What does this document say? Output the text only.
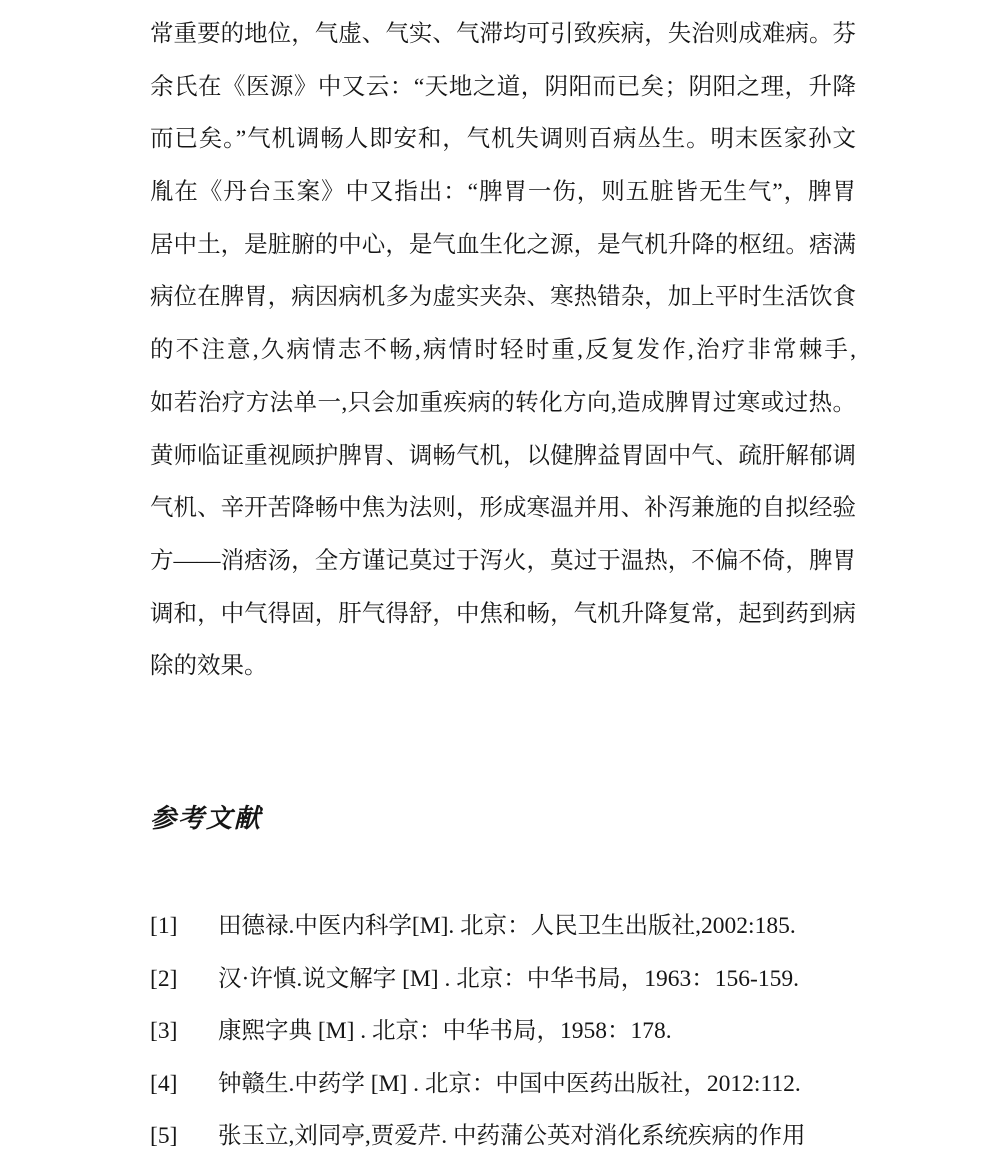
常重要的地位，气虚、气实、气滞均可引致疾病，失治则成难病。芬
余氏在《医源》中又云：“天地之道，阴阳而已矣；阴阳之理，升降
而已矣。”气机调畅人即安和，气机失调则百病丛生。明末医家孙文
胤在《丹台玉案》中又指出：“脾胃一伤，则五脏皆无生气”，脾胃
居中土，是脏腑的中心，是气血生化之源，是气机升降的枢纽。痞满
病位在脾胃，病因病机多为虚实夹杂、寒热错杂，加上平时生活饮食
的不注意,久病情志不畅,病情时轻时重,反复发作,治疗非常棘手,
如若治疗方法单一,只会加重疾病的转化方向,造成脾胃过寒或过热。
黄师临证重视顾护脾胃、调畅气机，以健脾益胃固中气、疏肝解郁调
气机、辛开苦降畅中焦为法则，形成寒温并用、补泻兼施的自拟经验
方——消痞汤，全方谨记莫过于泻火，莫过于温热，不偏不倚，脾胃
调和，中气得固，肝气得舒，中焦和畅，气机升降复常，起到药到病
除的效果。
参考文献
[1]	田德禄.中医内科学[M]. 北京：人民卫生出版社,2002:185.
[2]	汉·许慎.说文解字 [M] . 北京：中华书局，1963：156-159.
[3]	康熙字典 [M] . 北京：中华书局，1958：178.
[4]	钟赣生.中药学 [M] . 北京：中国中医药出版社，2012:112.
[5]	张玉立,刘同亭,贾爱芹. 中药蒲公英对消化系统疾病的作用
